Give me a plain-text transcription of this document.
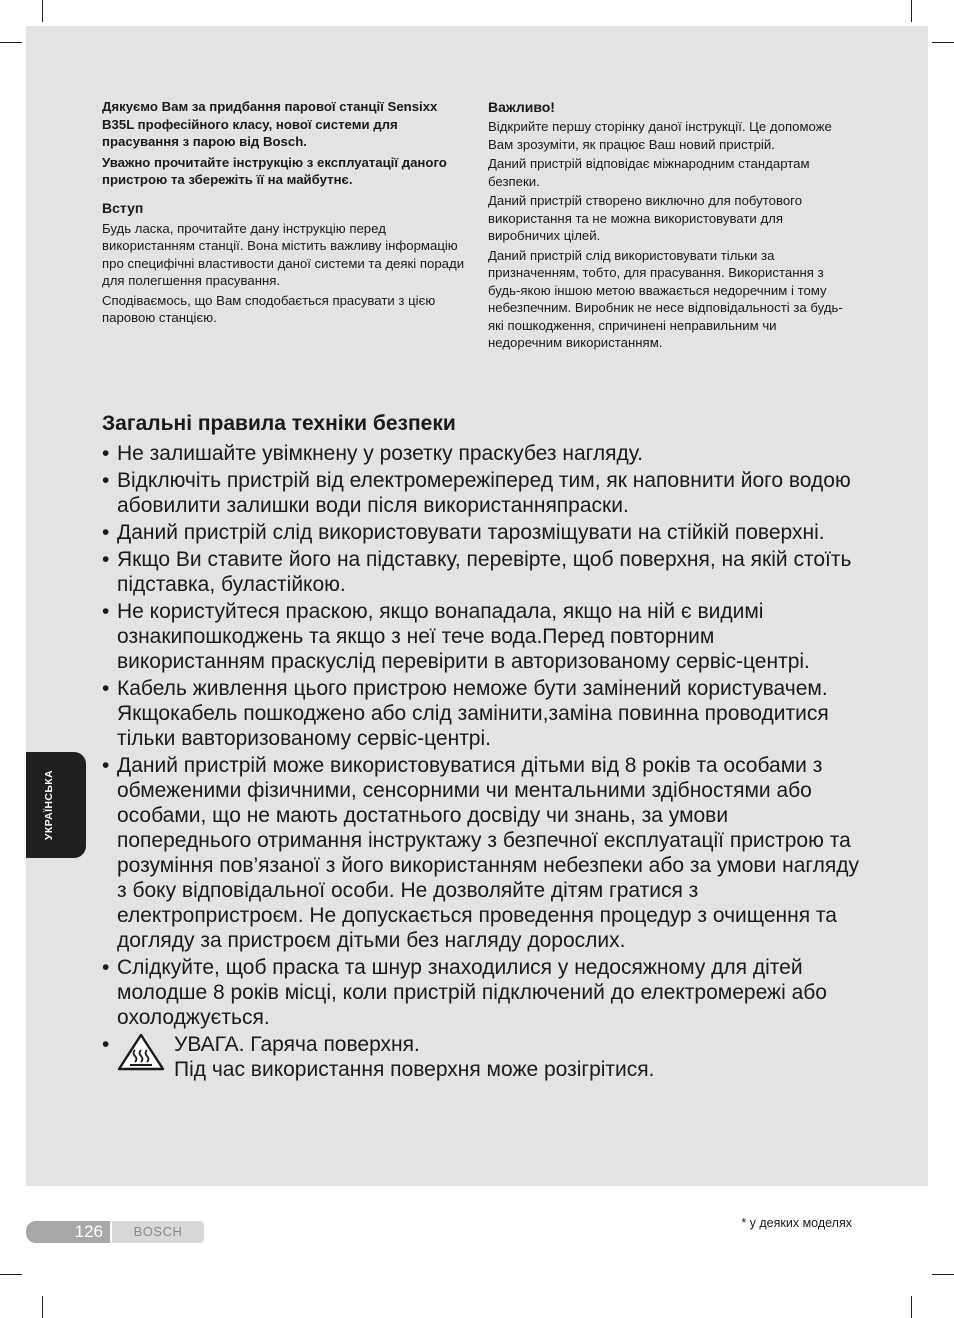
Дякуємо Вам за придбання парової станції Sensixx B35L професійного класу, нової системи для прасування з парою від Bosch.

Уважно прочитайте інструкцію з експлуатації даного пристрою та збережіть її на майбутнє.

Вступ

Будь ласка, прочитайте дану інструкцію перед використанням станції. Вона містить важливу інформацію про специфічні властивости даної системи та деякі поради для полегшення прасування.

Сподіваємось, що Вам сподобається прасувати з цією паровою станцією.

Важливо!

Відкрийте першу сторінку даної інструкції. Це допоможе Вам зрозуміти, як працює Ваш новий пристрій.

Даний пристрій відповідає міжнародним стандартам безпеки.

Даний пристрій створено виключно для побутового використання та не можна використовувати для виробничих цілей.

Даний пристрій слід використовувати тільки за призначенням, тобто, для прасування. Використання з будь-якою іншою метою вважається недоречним і тому небезпечним. Виробник не несе відповідальності за будь-які пошкодження, спричинені неправильним чи недоречним використанням.

Загальні правила техніки безпеки
• Не залишайте увімкнену у розетку праскубез нагляду.
• Відключіть пристрій від електромережіперед тим, як наповнити його водою абовилити залишки води після використанняпраски.
• Даний пристрій слід використовувати тарозміщувати на стійкій поверхні.
• Якщо Ви ставите його на підставку, перевірте, щоб поверхня, на якій стоїть підставка, буластійкою.
• Не користуйтеся праскою, якщо вонападала, якщо на ній є видимі ознакипошкоджень та якщо з неї тече вода.Перед повторним використанням праскуслід перевірити в авторизованому сервіс-центрі.
• Кабель живлення цього пристрою неможе бути замінений користувачем. Якщокабель пошкоджено або слід замінити,заміна повинна проводитися тільки вавторизованому сервіс-центрі.
• Даний пристрій може використовуватися дітьми від 8 років та особами з обмеженими фізичними, сенсорними чи ментальними здібностями або особами, що не мають достатнього досвіду чи знань, за умови попереднього отримання інструктажу з безпечної експлуатації пристрою та розуміння пов’язаної з його використанням небезпеки або за умови нагляду з боку відповідальної особи. Не дозволяйте дітям гратися з електропристроєм. Не допускається проведення процедур з очищення та догляду за пристроєм дітьми без нагляду дорослих.
• Слідкуйте, щоб праска та шнур знаходилися у недосяжному для дітей молодше 8 років місці, коли пристрій підключений до електромережі або охолоджується.
• УВАГА. Гаряча поверхня.
Під час використання поверхня може розігрітися.
УКРАЇНСЬКА
126	BOSCH
* у деяких моделях
